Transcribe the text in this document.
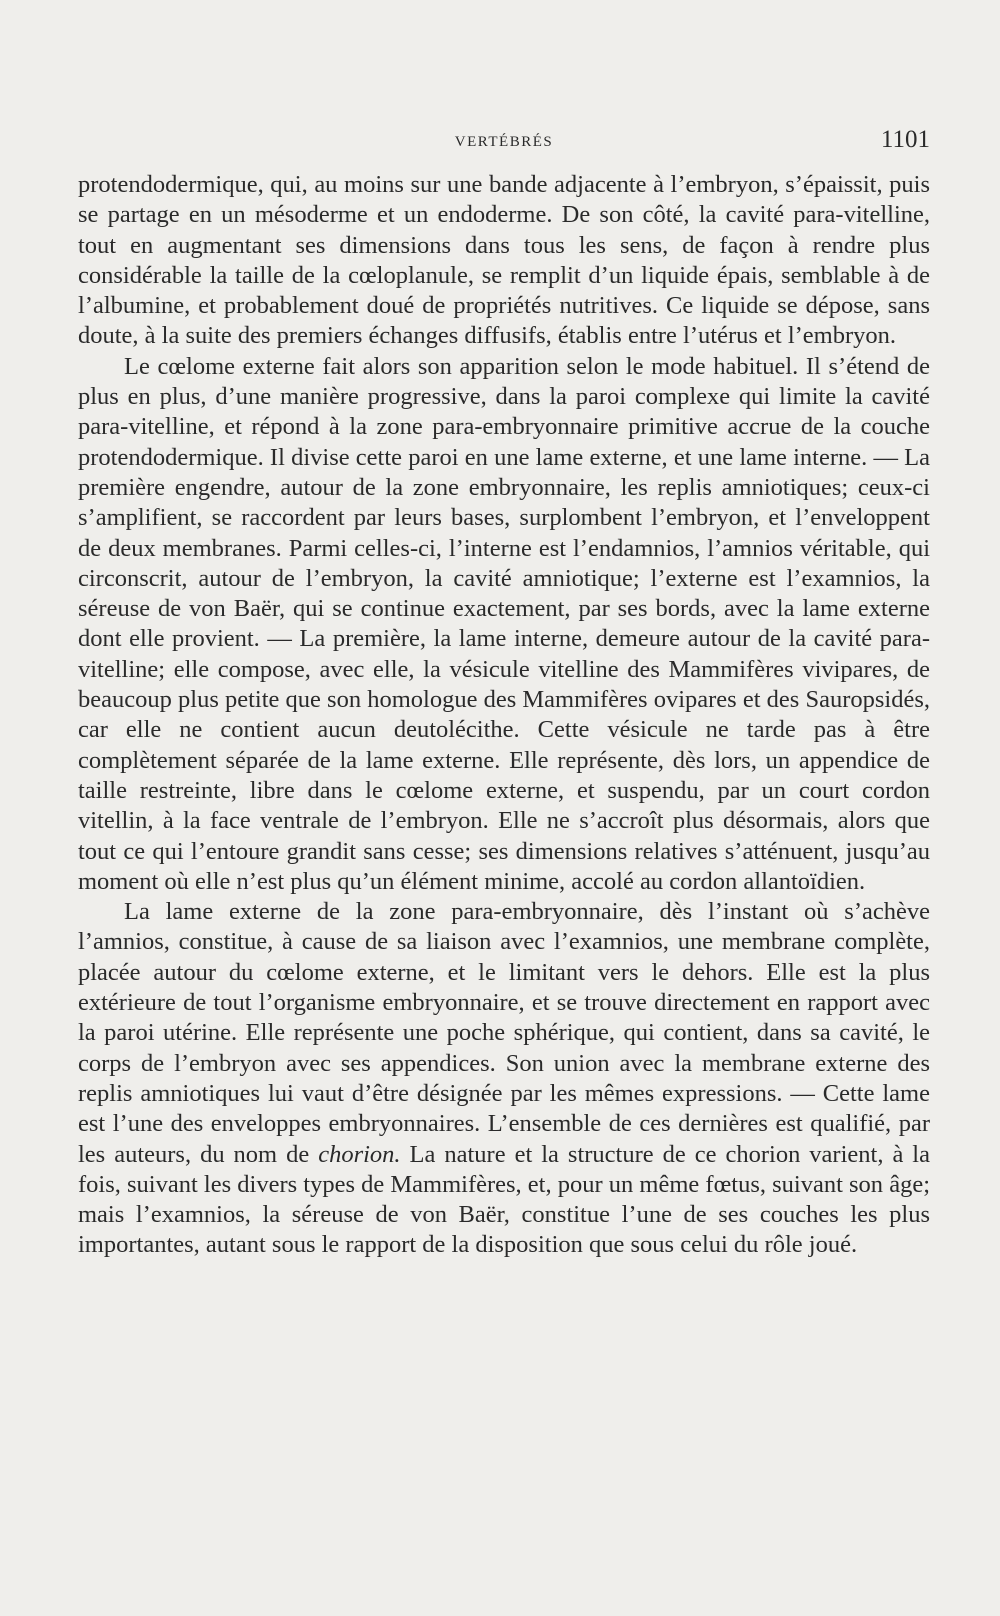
VERTÉBRÉS	1101

protendodermique, qui, au moins sur une bande adjacente à l’embryon, s’épaissit, puis se partage en un mésoderme et un endoderme. De son côté, la cavité para-vitelline, tout en augmentant ses dimensions dans tous les sens, de façon à rendre plus considérable la taille de la cœloplanule, se remplit d’un liquide épais, semblable à de l’albumine, et probablement doué de propriétés nutritives. Ce liquide se dépose, sans doute, à la suite des premiers échanges diffusifs, établis entre l’utérus et l’embryon.

Le cœlome externe fait alors son apparition selon le mode habituel. Il s’étend de plus en plus, d’une manière progressive, dans la paroi complexe qui limite la cavité para-vitelline, et répond à la zone para-embryonnaire primitive accrue de la couche protendodermique. Il divise cette paroi en une lame externe, et une lame interne. — La première engendre, autour de la zone embryonnaire, les replis amniotiques; ceux-ci s’amplifient, se raccordent par leurs bases, surplombent l’embryon, et l’enveloppent de deux membranes. Parmi celles-ci, l’interne est l’endamnios, l’amnios véritable, qui circonscrit, autour de l’embryon, la cavité amniotique; l’externe est l’examnios, la séreuse de von Baër, qui se continue exactement, par ses bords, avec la lame externe dont elle provient. — La première, la lame interne, demeure autour de la cavité para-vitelline; elle compose, avec elle, la vésicule vitelline des Mammifères vivipares, de beaucoup plus petite que son homologue des Mammifères ovipares et des Sauropsidés, car elle ne contient aucun deutolécithe. Cette vésicule ne tarde pas à être complètement séparée de la lame externe. Elle représente, dès lors, un appendice de taille restreinte, libre dans le cœlome externe, et suspendu, par un court cordon vitellin, à la face ventrale de l’embryon. Elle ne s’accroît plus désormais, alors que tout ce qui l’entoure grandit sans cesse; ses dimensions relatives s’atténuent, jusqu’au moment où elle n’est plus qu’un élément minime, accolé au cordon allantoïdien.

La lame externe de la zone para-embryonnaire, dès l’instant où s’achève l’amnios, constitue, à cause de sa liaison avec l’examnios, une membrane complète, placée autour du cœlome externe, et le limitant vers le dehors. Elle est la plus extérieure de tout l’organisme embryonnaire, et se trouve directement en rapport avec la paroi utérine. Elle représente une poche sphérique, qui contient, dans sa cavité, le corps de l’embryon avec ses appendices. Son union avec la membrane externe des replis amniotiques lui vaut d’être désignée par les mêmes expressions. — Cette lame est l’une des enveloppes embryonnaires. L’ensemble de ces dernières est qualifié, par les auteurs, du nom de chorion. La nature et la structure de ce chorion varient, à la fois, suivant les divers types de Mammifères, et, pour un même fœtus, suivant son âge; mais l’examnios, la séreuse de von Baër, constitue l’une de ses couches les plus importantes, autant sous le rapport de la disposition que sous celui du rôle joué.
